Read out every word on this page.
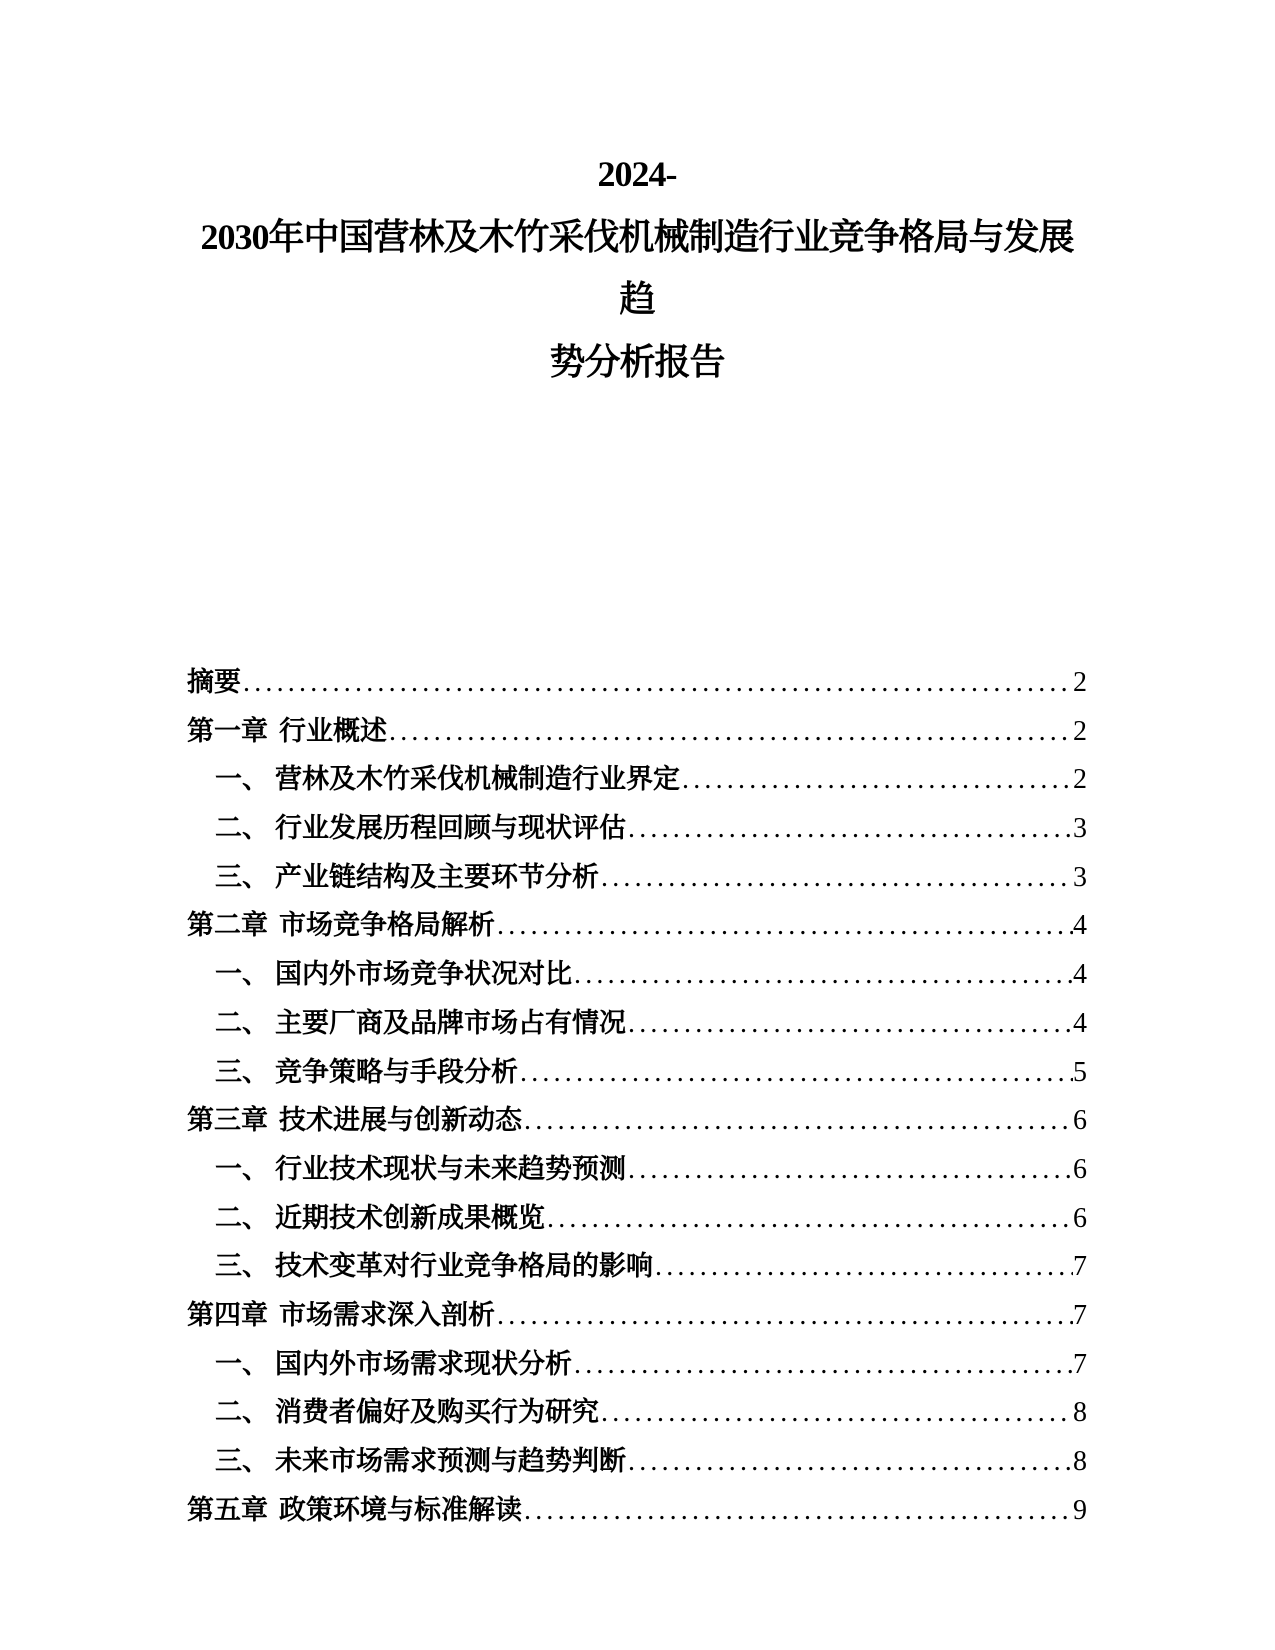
2024-
2030年中国营林及木竹采伐机械制造行业竞争格局与发展趋
势分析报告
摘要 .....	2
第一章 行业概述 .....	2
一、 营林及木竹采伐机械制造行业界定 .....	2
二、 行业发展历程回顾与现状评估 .....	3
三、 产业链结构及主要环节分析 .....	3
第二章 市场竞争格局解析 .....	4
一、 国内外市场竞争状况对比 .....	4
二、 主要厂商及品牌市场占有情况 .....	4
三、 竞争策略与手段分析 .....	5
第三章 技术进展与创新动态 .....	6
一、 行业技术现状与未来趋势预测 .....	6
二、 近期技术创新成果概览 .....	6
三、 技术变革对行业竞争格局的影响 .....	7
第四章 市场需求深入剖析 .....	7
一、 国内外市场需求现状分析 .....	7
二、 消费者偏好及购买行为研究 .....	8
三、 未来市场需求预测与趋势判断 .....	8
第五章 政策环境与标准解读 .....	9
